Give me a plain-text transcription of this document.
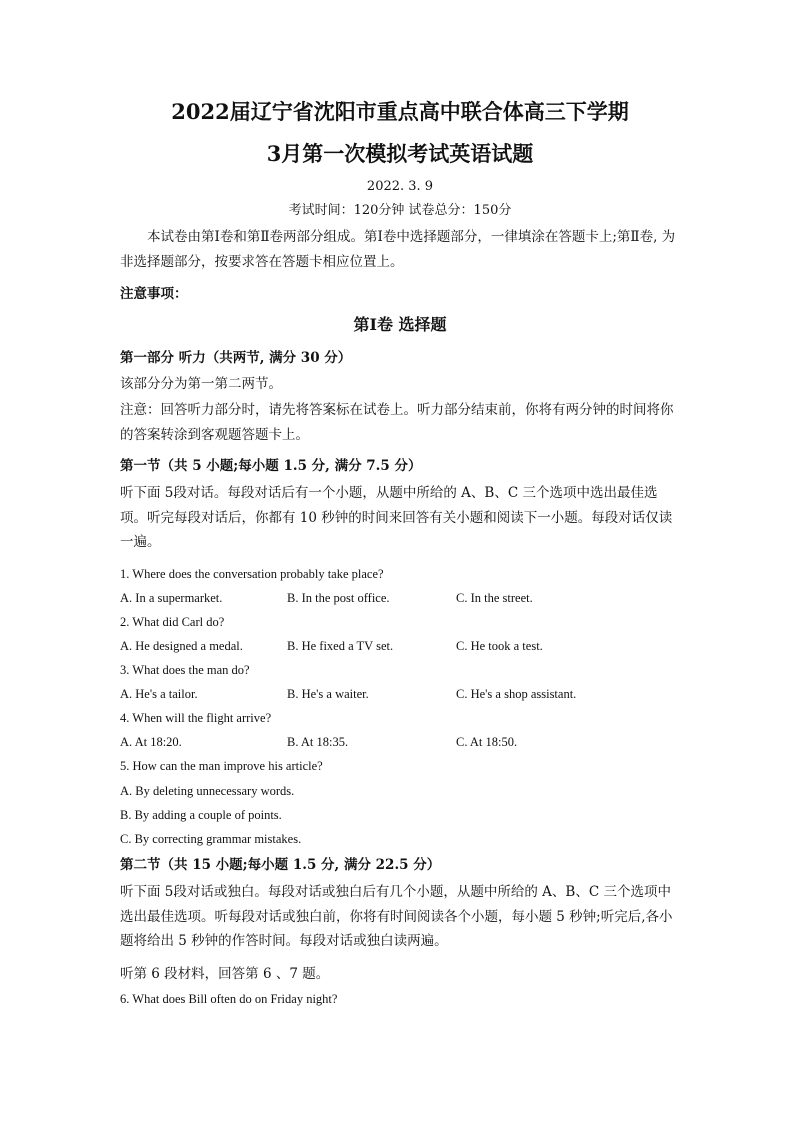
2022届辽宁省沈阳市重点高中联合体高三下学期
3月第一次模拟考试英语试题
2022. 3. 9
考试时间：120分钟 试卷总分：150分
本试卷由第Ⅰ卷和第Ⅱ卷两部分组成。第Ⅰ卷中选择题部分，一律填涂在答题卡上;第Ⅱ卷, 为非选择题部分，按要求答在答题卡相应位置上。
注意事项：
第Ⅰ卷 选择题
第一部分 听力（共两节, 满分 30 分）
该部分分为第一第二两节。
注意：回答听力部分时，请先将答案标在试卷上。听力部分结束前，你将有两分钟的时间将你的答案转涂到客观题答题卡上。
第一节（共 5 小题;每小题 1.5 分, 满分 7.5 分）
听下面 5段对话。每段对话后有一个小题，从题中所给的 A、B、C 三个选项中选出最佳选项。听完每段对话后，你都有 10 秒钟的时间来回答有关小题和阅读下一小题。每段对话仅读一遍。
1. Where does the conversation probably take place?
A. In a supermarket.	B. In the post office.	C. In the street.
2. What did Carl do?
A. He designed a medal.	B. He fixed a TV set.	C. He took a test.
3. What does the man do?
A. He's a tailor.	B. He's a waiter.	C. He's a shop assistant.
4. When will the flight arrive?
A. At 18:20.	B. At 18:35.	C. At 18:50.
5. How can the man improve his article?
A. By deleting unnecessary words.
B. By adding a couple of points.
C. By correcting grammar mistakes.
第二节（共 15 小题;每小题 1.5 分, 满分 22.5 分）
听下面 5段对话或独白。每段对话或独白后有几个小题，从题中所给的 A、B、C 三个选项中选出最佳选项。听每段对话或独白前，你将有时间阅读各个小题，每小题 5 秒钟;听完后,各小题将给出 5 秒钟的作答时间。每段对话或独白读两遍。
听第 6 段材料，回答第 6 、7 题。
6. What does Bill often do on Friday night?
